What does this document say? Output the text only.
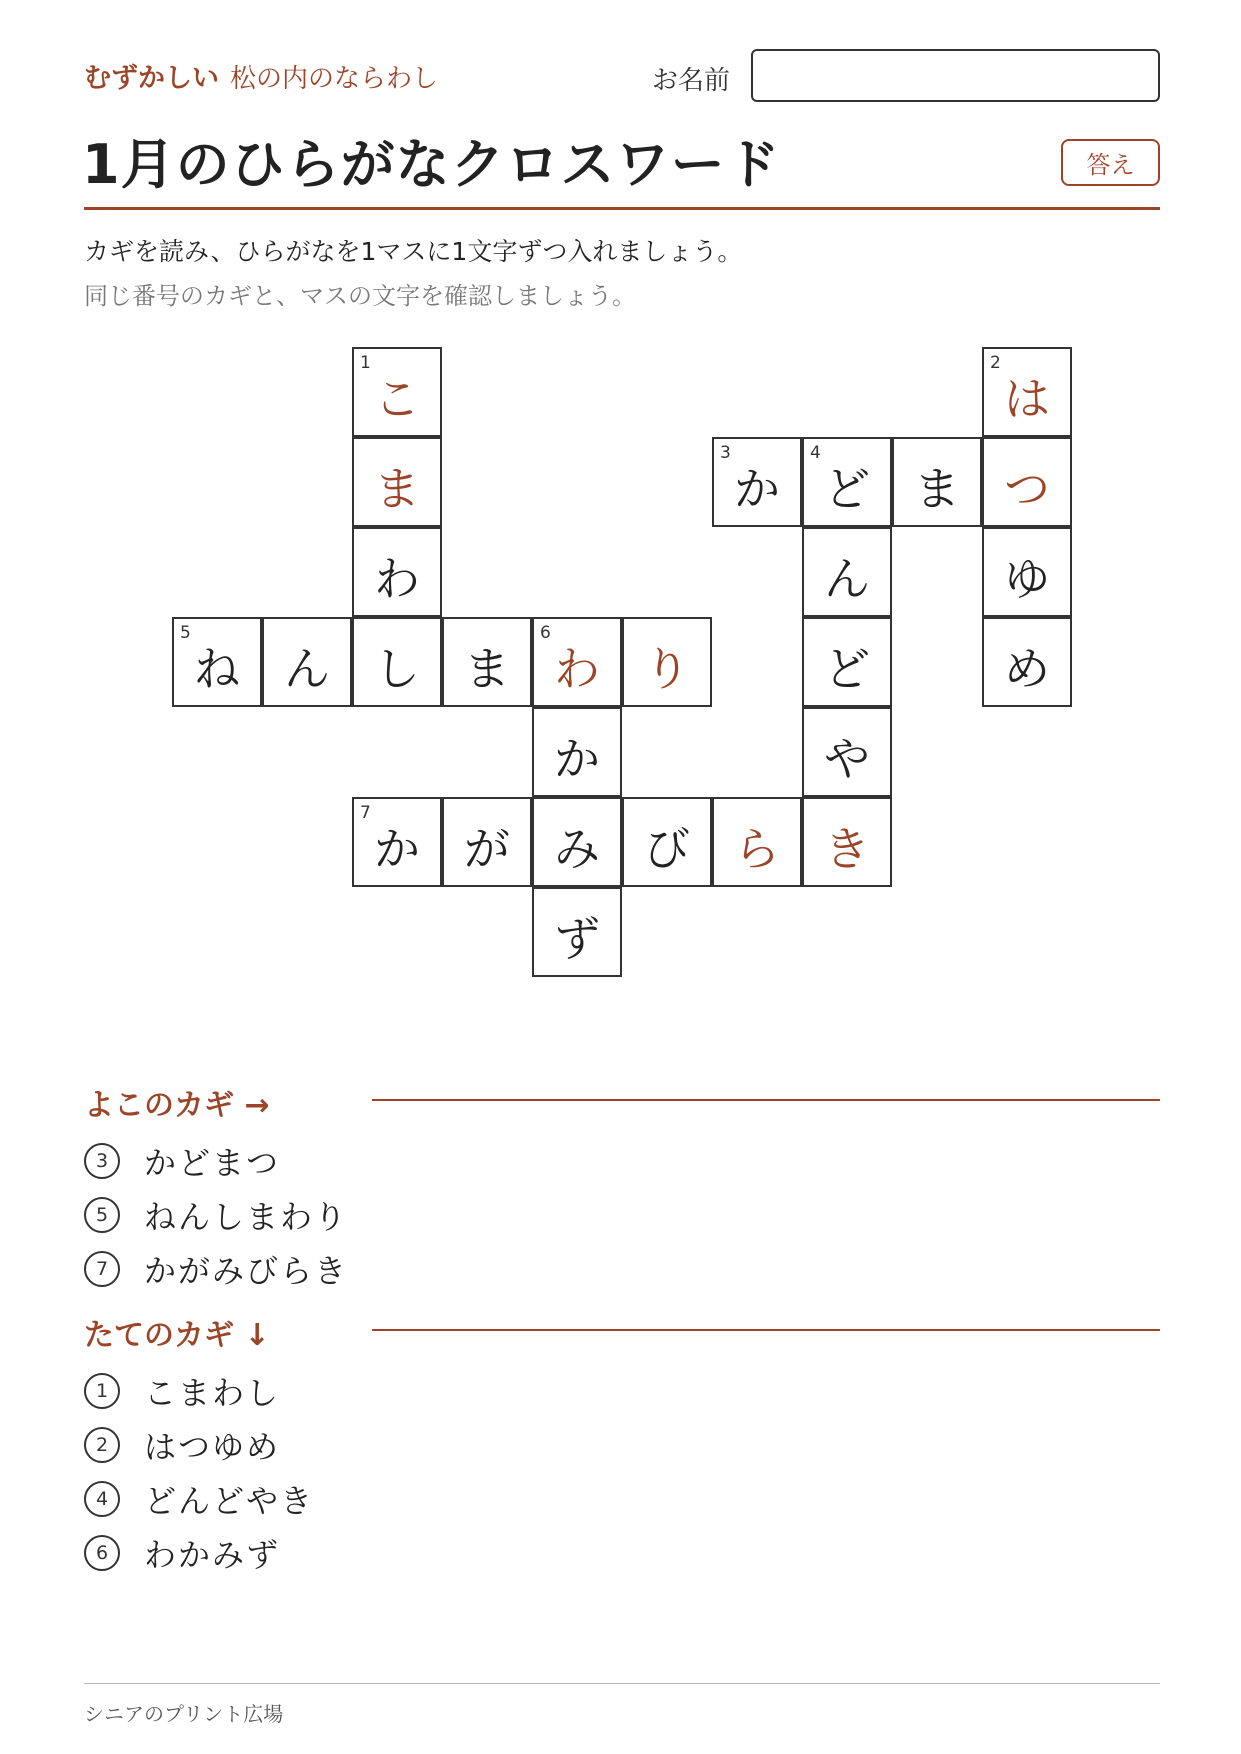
むずかしい 松の内のならわし	お名前
1月のひらがなクロスワード	答え
カギを読み、ひらがなを1マスに1文字ずつ入れましょう。
同じ番号のカギと、マスの文字を確認しましょう。
1
こ
2
は
ま
3
か
4
ど ま つ
わ	ん	ゆ
5
ね ん し ま
6
わ り	ど	め
か	や
7
か が み び ら き
ず
よこのカギ →
3	かどまつ
5	ねんしまわり
7	かがみびらき
たてのカギ ↓
1	こまわし
2	はつゆめ
4	どんどやき
6	わかみず
シニアのプリント広場
